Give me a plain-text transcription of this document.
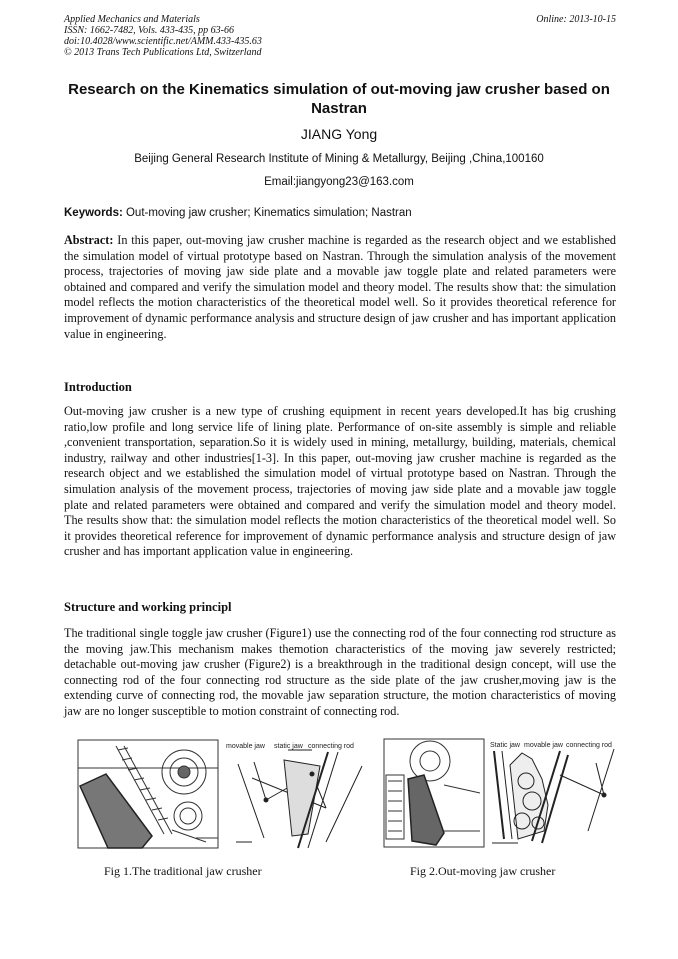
Applied Mechanics and Materials
ISSN: 1662-7482, Vols. 433-435, pp 63-66
doi:10.4028/www.scientific.net/AMM.433-435.63
© 2013 Trans Tech Publications Ltd, Switzerland
Online: 2013-10-15
Research on the Kinematics simulation of out-moving jaw crusher based on Nastran
JIANG Yong
Beijing General Research Institute of Mining & Metallurgy, Beijing ,China,100160
Email:jiangyong23@163.com
Keywords: Out-moving jaw crusher; Kinematics simulation; Nastran
Abstract: In this paper, out-moving jaw crusher machine is regarded as the research object and we established the simulation model of virtual prototype based on Nastran. Through the simulation analysis of the movement process, trajectories of moving jaw side plate and a movable jaw toggle plate and related parameters were obtained and compared and verify the simulation model and theory model. The results show that: the simulation model reflects the motion characteristics of the theoretical model well. So it provides theoretical reference for improvement of dynamic performance analysis and structure design of jaw crusher and has important application value in engineering.
Introduction
Out-moving jaw crusher is a new type of crushing equipment in recent years developed.It has big crushing ratio,low profile and long service life of lining plate. Performance of on-site assembly is simple and reliable ,convenient transportation, separation.So it is widely used in mining, metallurgy, building, materials, chemical industry, railway and other industries[1-3]. In this paper, out-moving jaw crusher machine is regarded as the research object and we established the simulation model of virtual prototype based on Nastran. Through the simulation analysis of the movement process, trajectories of moving jaw side plate and a movable jaw toggle plate and related parameters were obtained and compared and verify the simulation model and theory model. The results show that: the simulation model reflects the motion characteristics of the theoretical model well. So it provides theoretical reference for improvement of dynamic performance analysis and structure design of jaw crusher and has important application value in engineering.
Structure and working principl
The traditional single toggle jaw crusher (Figure1) use the connecting rod of the four connecting rod structure as the moving jaw.This mechanism makes themotion characteristics of the moving jaw severely restricted; detachable out-moving jaw crusher (Figure2) is a breakthrough in the traditional design concept, will use the connecting rod of the four connecting rod structure as the side plate of the jaw crusher,moving jaw is the extending curve of connecting rod, the movable jaw separation structure, the motion characteristics of moving jaw are no longer susceptible to motion constraint of connecting rod.
movable jaw static jaw connecting rod	Static jaw movable jaw connecting rod
Fig 1.The traditional jaw crusher	Fig 2.Out-moving jaw crusher
